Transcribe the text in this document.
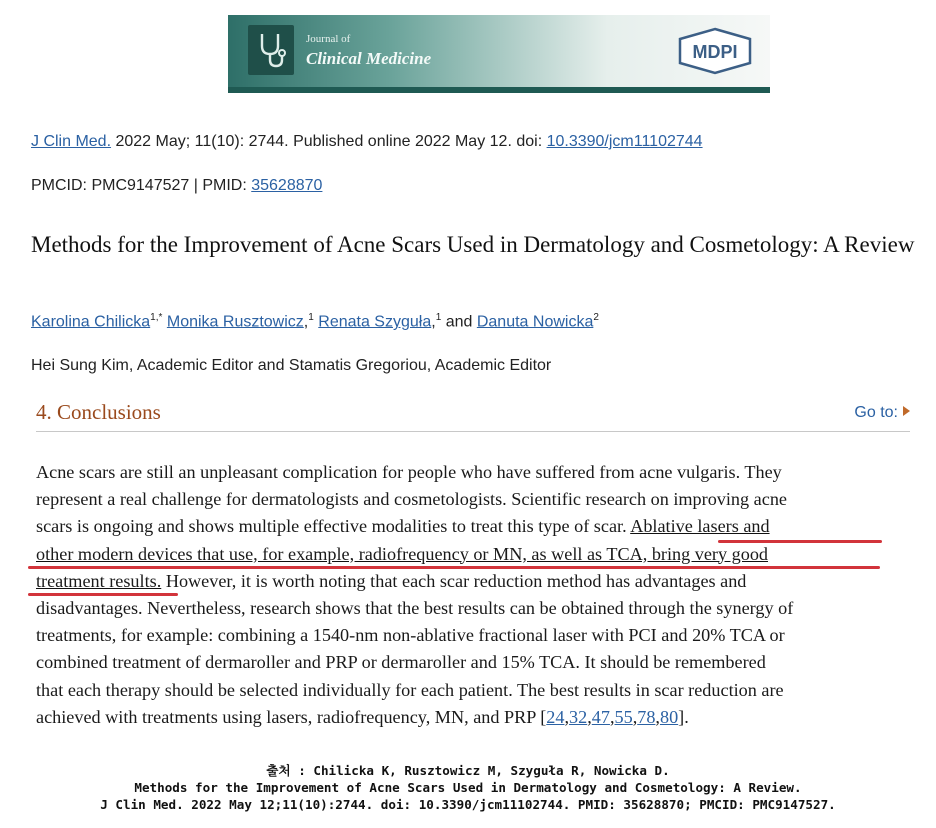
Journal of
Clinical Medicine	MDPI
J Clin Med. 2022 May; 11(10): 2744. Published online 2022 May 12. doi: 10.3390/jcm11102744
PMCID: PMC9147527 | PMID: 35628870
Methods for the Improvement of Acne Scars Used in Dermatology and Cosmetology: A Review
Karolina Chilicka$^{1,*}$ Monika Rusztowicz,$^1$ Renata Szyguła,$^1$ and Danuta Nowicka$^2$
Hei Sung Kim, Academic Editor and Stamatis Gregoriou, Academic Editor
4. Conclusions	Go to:
Acne scars are still an unpleasant complication for people who have suffered from acne vulgaris. They
represent a real challenge for dermatologists and cosmetologists. Scientific research on improving acne
scars is ongoing and shows multiple effective modalities to treat this type of scar. Ablative lasers and
other modern devices that use, for example, radiofrequency or MN, as well as TCA, bring very good
treatment results. However, it is worth noting that each scar reduction method has advantages and
disadvantages. Nevertheless, research shows that the best results can be obtained through the synergy of
treatments, for example: combining a 1540-nm non-ablative fractional laser with PCI and 20% TCA or
combined treatment of dermaroller and PRP or dermaroller and 15% TCA. It should be remembered
that each therapy should be selected individually for each patient. The best results in scar reduction are
achieved with treatments using lasers, radiofrequency, MN, and PRP [24,32,47,55,78,80].
출처 : Chilicka K, Rusztowicz M, Szyguła R, Nowicka D.
Methods for the Improvement of Acne Scars Used in Dermatology and Cosmetology: A Review.
J Clin Med. 2022 May 12;11(10):2744. doi: 10.3390/jcm11102744. PMID: 35628870; PMCID: PMC9147527.
